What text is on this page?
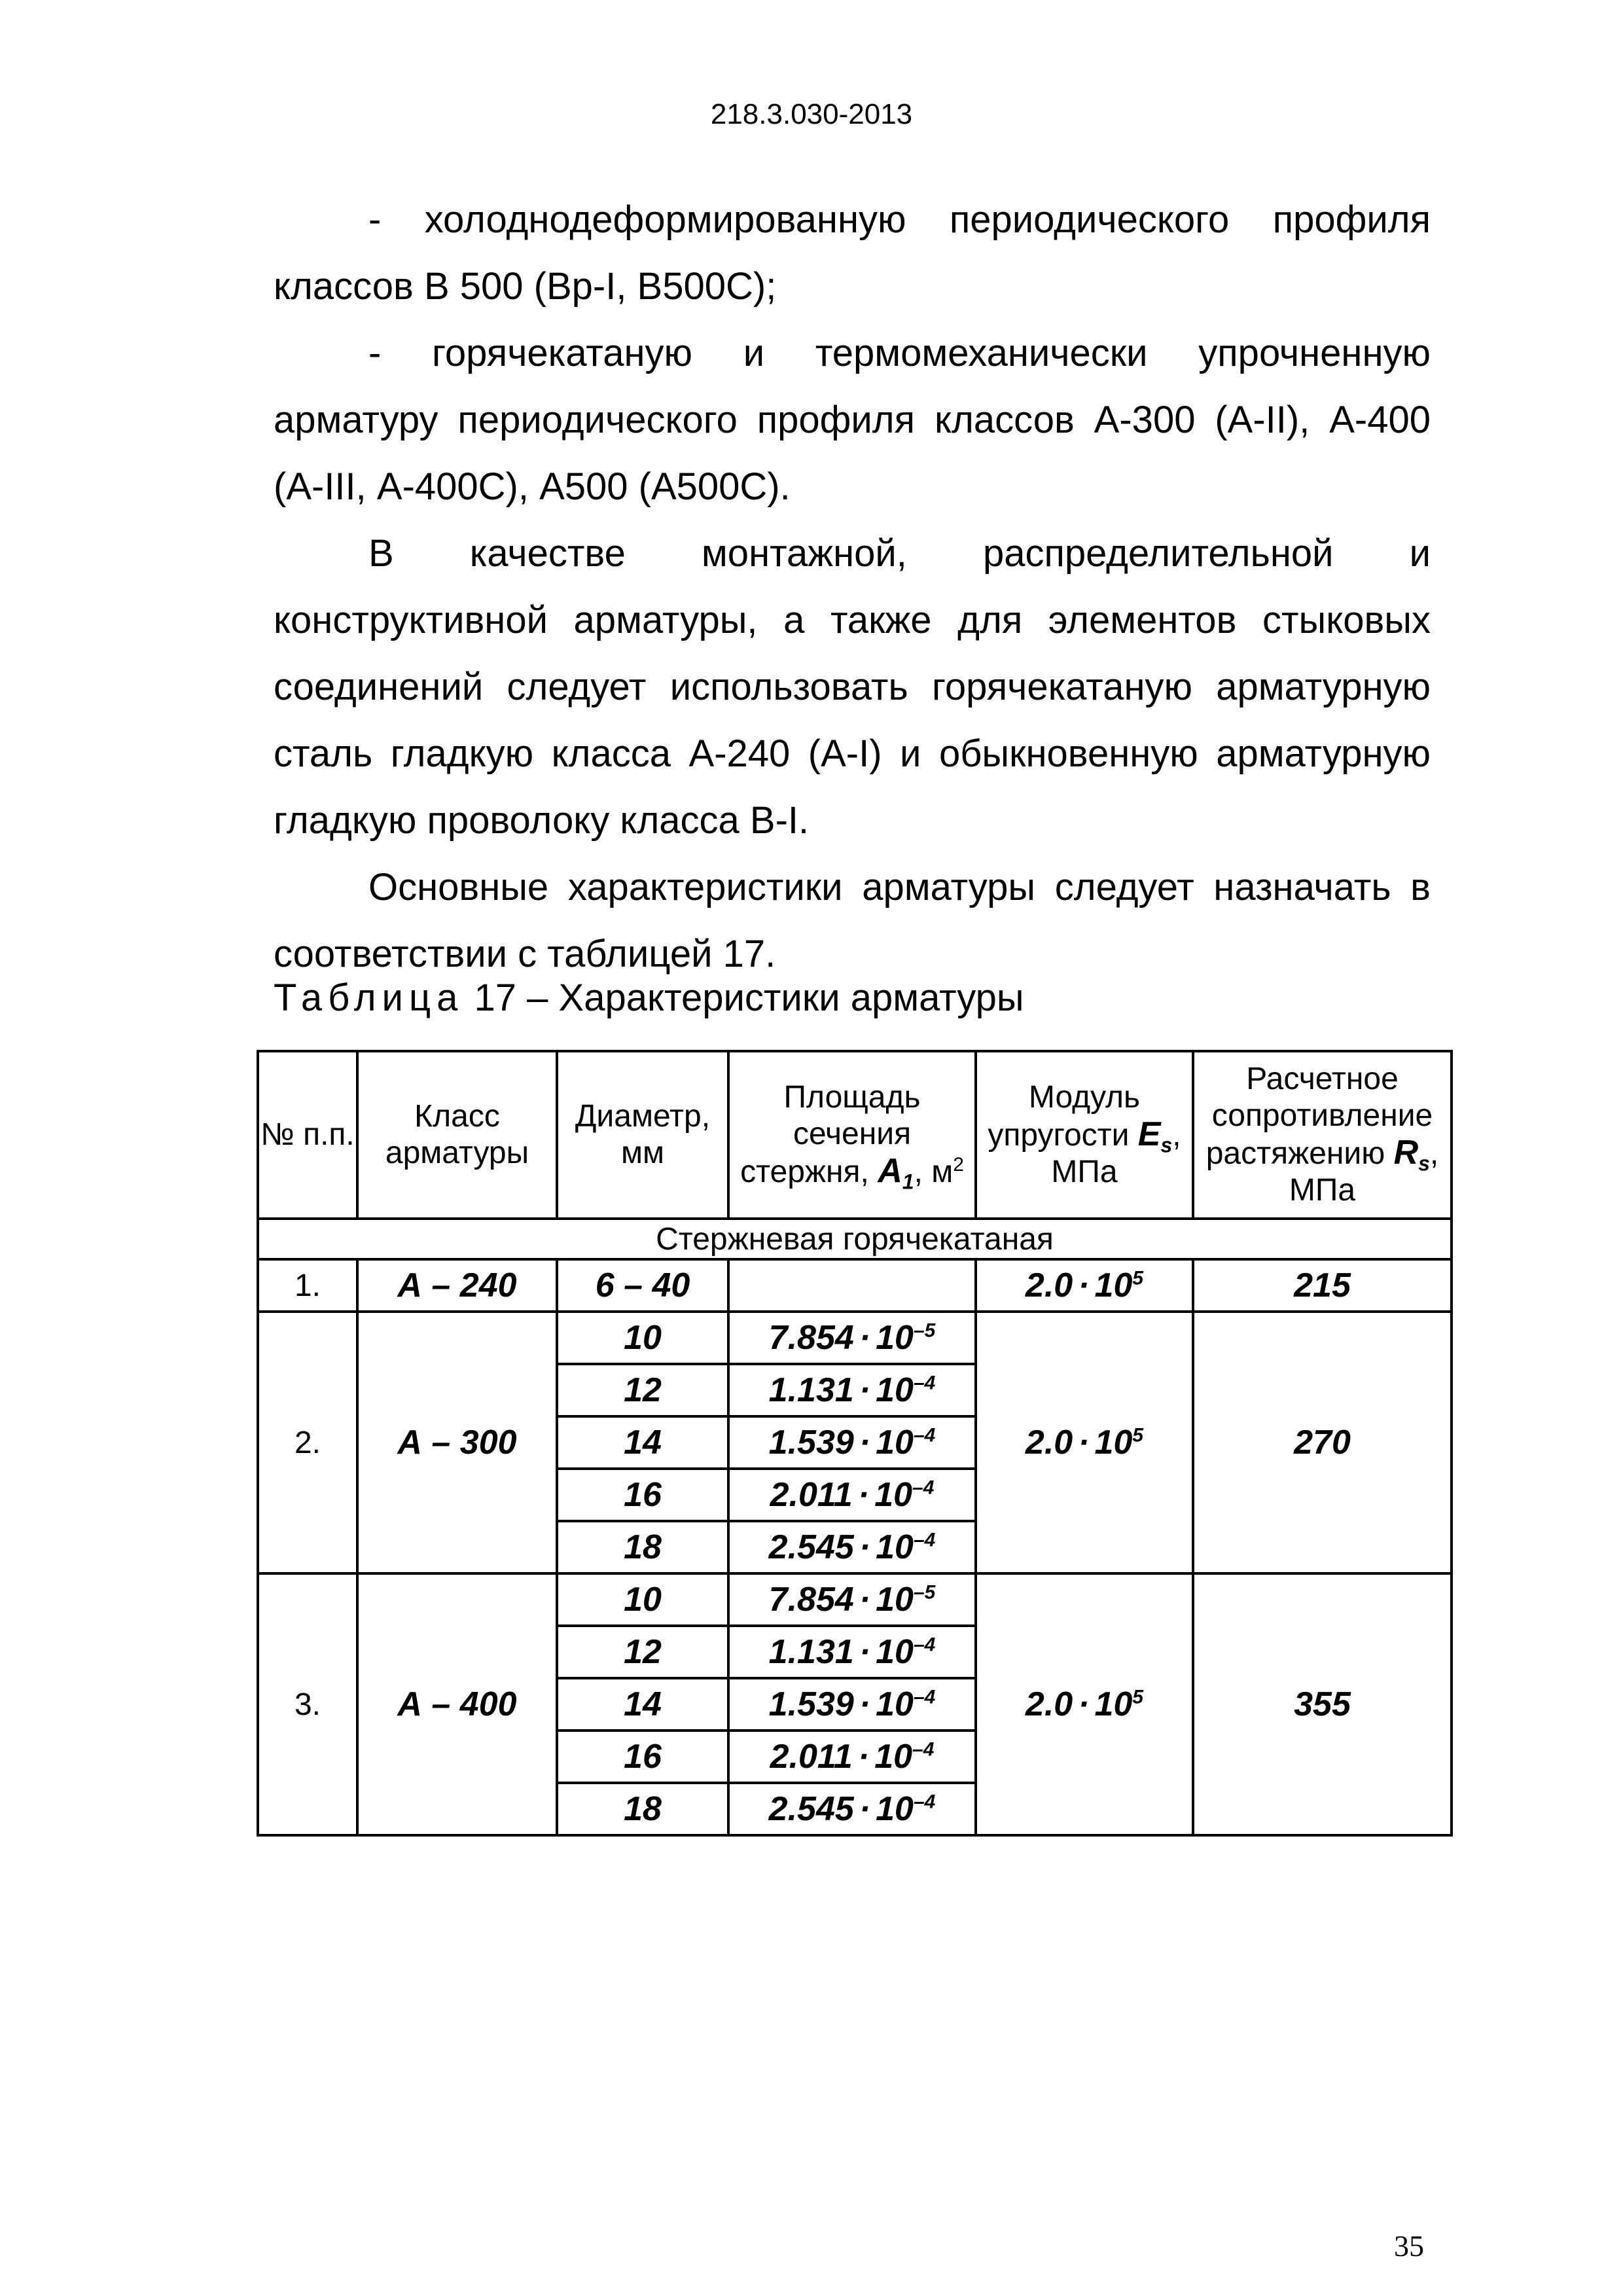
218.3.030-2013

- холоднодеформированную периодического профиля классов В 500 (Вр-I, В500С);

- горячекатаную и термомеханически упрочненную арматуру периодического профиля классов А-300 (А-II), А-400 (А-III, А-400С), А500 (А500С).

В качестве монтажной, распределительной и конструктивной арматуры, а также для элементов стыковых соединений следует использовать горячекатаную арматурную сталь гладкую класса А-240 (А-I) и обыкновенную арматурную гладкую проволоку класса В-I.

Основные характеристики арматуры следует назначать в соответствии с таблицей 17.

Таблица 17 – Характеристики арматуры
№ п.п.	Класс арматуры	Диаметр, мм	Площадь сечения стержня, $A_1$, $м^2$	Модуль упругости $E_s$, МПа	Расчетное сопротивление растяжению $R_s$, МПа
Стержневая горячекатаная					
1.	А – 240	6 – 40		$2.0 \cdot 10^5$	215
2.	А – 300	10	$7.854 \cdot 10^{-5}$	$2.0 \cdot 10^5$	270
		12	$1.131 \cdot 10^{-4}$
		14	$1.539 \cdot 10^{-4}$
		16	$2.011 \cdot 10^{-4}$
		18	$2.545 \cdot 10^{-4}$
3.	А – 400	10	$7.854 \cdot 10^{-5}$	$2.0 \cdot 10^5$	355
		12	$1.131 \cdot 10^{-4}$
		14	$1.539 \cdot 10^{-4}$
		16	$2.011 \cdot 10^{-4}$
		18	$2.545 \cdot 10^{-4}$
35
